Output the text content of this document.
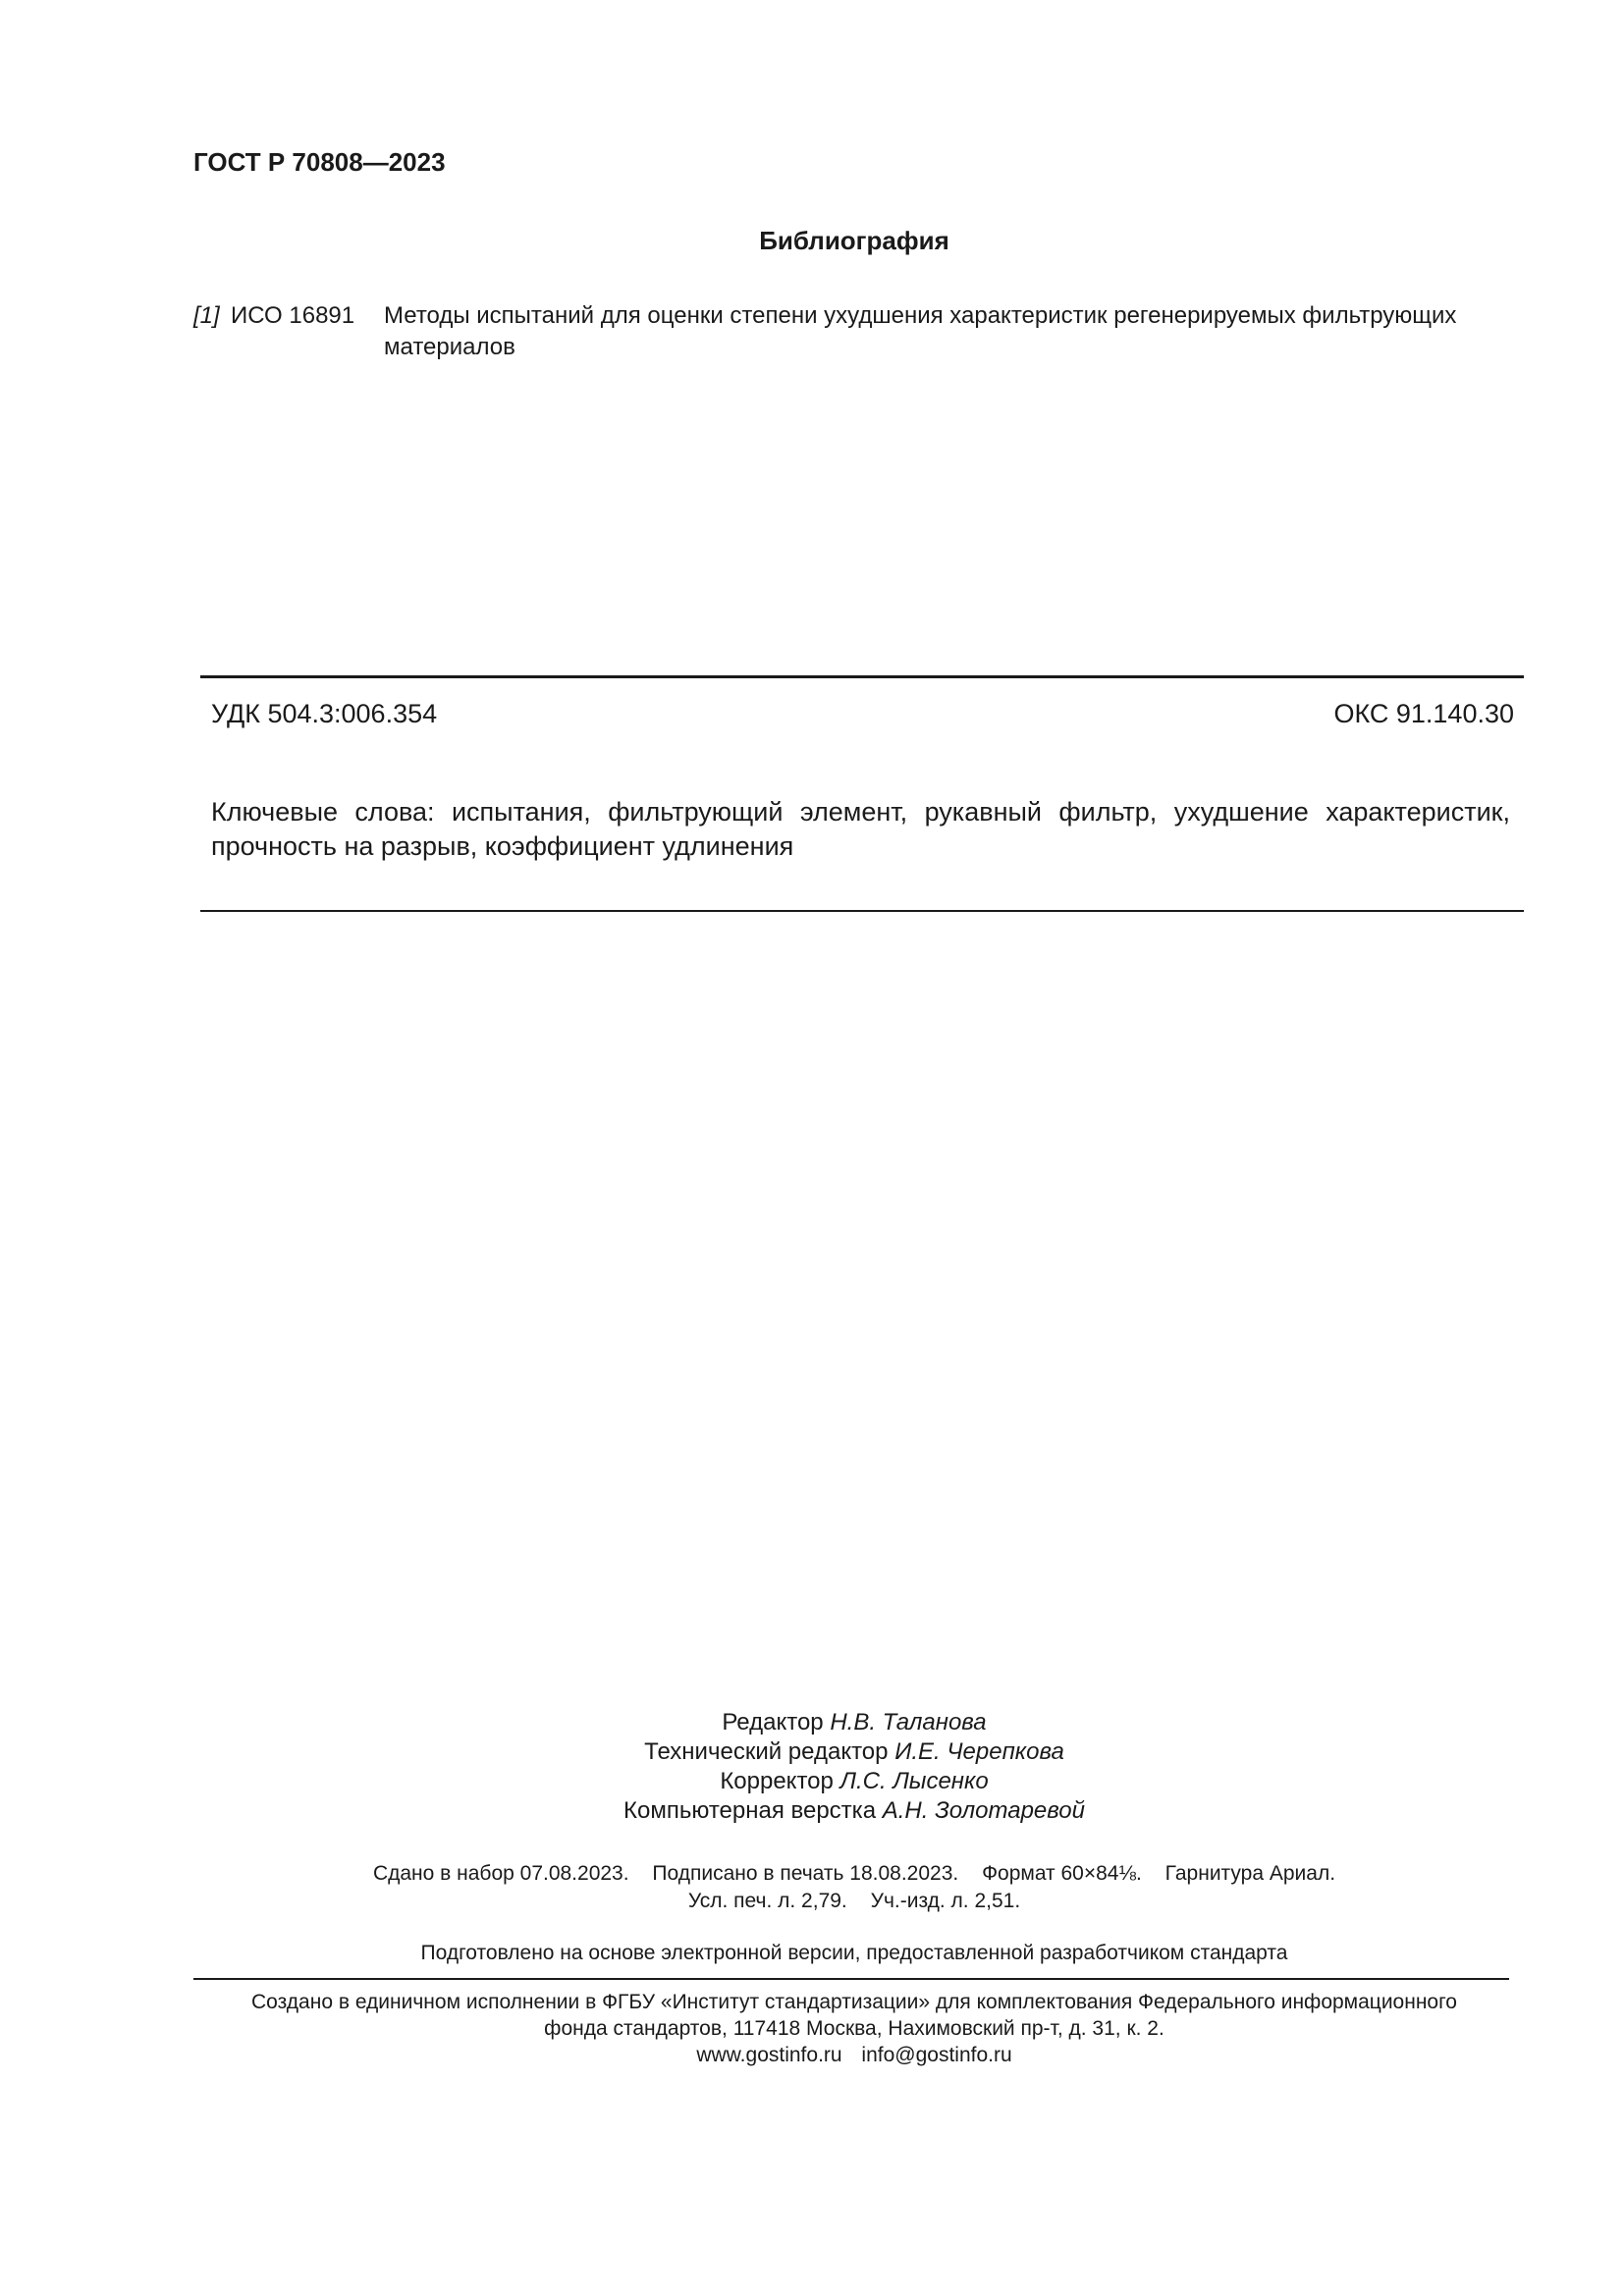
ГОСТ Р 70808—2023
Библиография
[1] ИСО 16891	Методы испытаний для оценки степени ухудшения характеристик регенерируемых фильтрующих материалов
УДК 504.3:006.354	ОКС 91.140.30
Ключевые слова: испытания, фильтрующий элемент, рукавный фильтр, ухудшение характеристик, прочность на разрыв, коэффициент удлинения
Редактор Н.В. Таланова
Технический редактор И.Е. Черепкова
Корректор Л.С. Лысенко
Компьютерная верстка А.Н. Золотаревой
Сдано в набор 07.08.2023. Подписано в печать 18.08.2023. Формат 60×84⅛. Гарнитура Ариал.
Усл. печ. л. 2,79. Уч.-изд. л. 2,51.
Подготовлено на основе электронной версии, предоставленной разработчиком стандарта
Создано в единичном исполнении в ФГБУ «Институт стандартизации» для комплектования Федерального информационного
фонда стандартов, 117418 Москва, Нахимовский пр-т, д. 31, к. 2.
www.gostinfo.ru info@gostinfo.ru
